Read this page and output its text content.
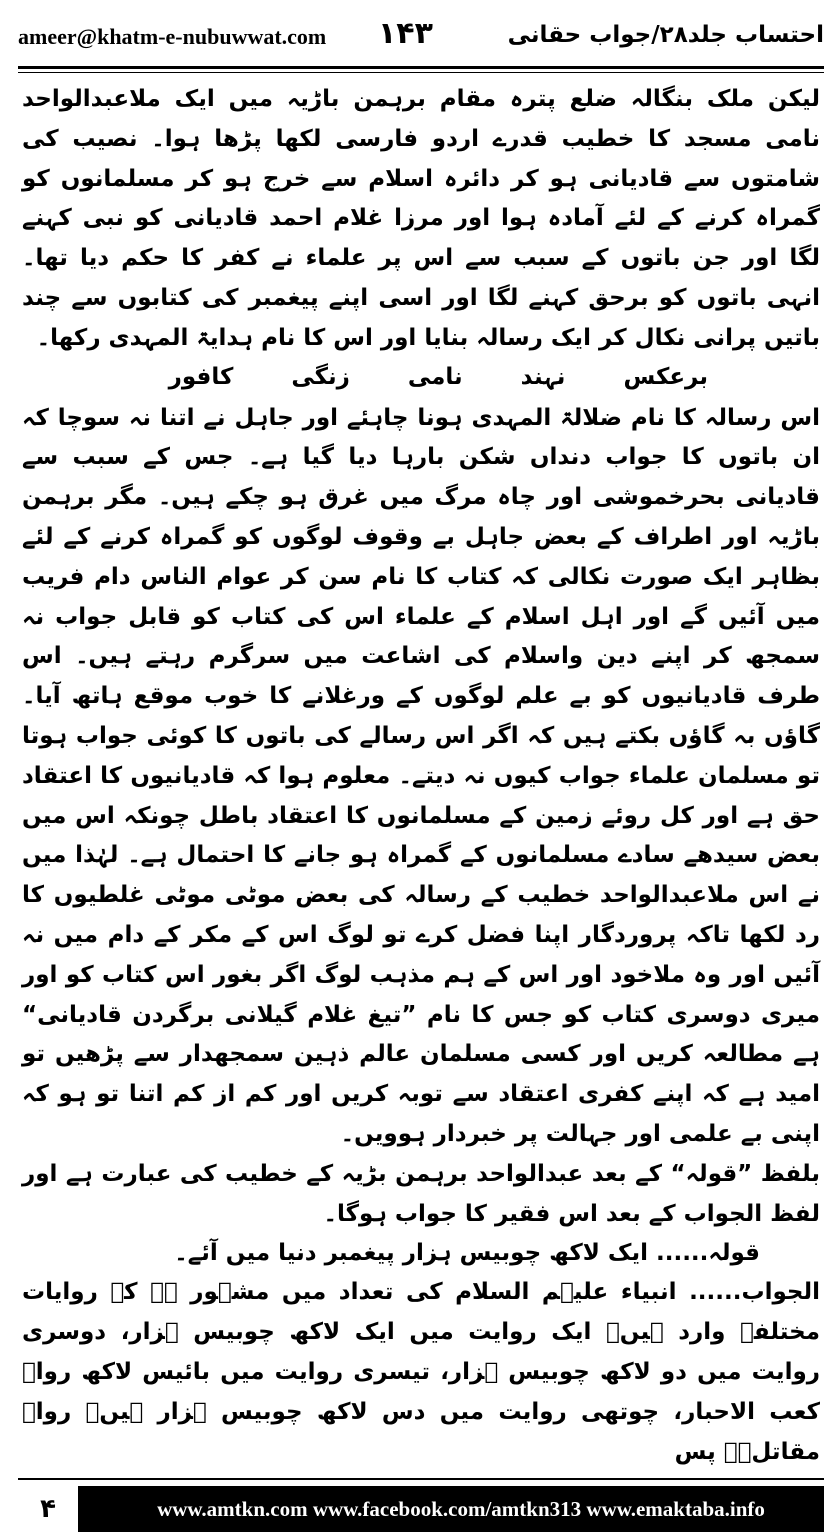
ameer@khatm-e-nubuwwat.com ۱۴۳	احتساب جلد۲۸/جواب حقانی

لیکن ملک بنگالہ ضلع پترہ مقام برہمن باڑیہ میں ایک ملاعبدالواحد نامی مسجد کا خطیب قدرے اردو فارسی لکھا پڑھا ہوا۔ نصیب کی شامتوں سے قادیانی ہو کر دائرہ اسلام سے خرج ہو کر مسلمانوں کو گمراہ کرنے کے لئے آمادہ ہوا اور مرزا غلام احمد قادیانی کو نبی کہنے لگا اور جن باتوں کے سبب سے اس پر علماء نے کفر کا حکم دیا تھا۔ انہی باتوں کو برحق کہنے لگا اور اسی اپنے پیغمبر کی کتابوں سے چند باتیں پرانی نکال کر ایک رسالہ بنایا اور اس کا نام ہدایۃ المہدی رکھا۔

برعکس
نہند
نامی
زنگی
کافور

اس رسالہ کا نام ضلالۃ المہدی ہونا چاہئے اور جاہل نے اتنا نہ سوچا کہ ان باتوں کا جواب دنداں شکن بارہا دیا گیا ہے۔ جس کے سبب سے قادیانی بحرخموشی اور چاہ مرگ میں غرق ہو چکے ہیں۔ مگر برہمن باڑیہ اور اطراف کے بعض جاہل بے وقوف لوگوں کو گمراہ کرنے کے لئے بظاہر ایک صورت نکالی کہ کتاب کا نام سن کر عوام الناس دام فریب میں آئیں گے اور اہل اسلام کے علماء اس کی کتاب کو قابل جواب نہ سمجھ کر اپنے دین واسلام کی اشاعت میں سرگرم رہتے ہیں۔ اس طرف قادیانیوں کو بے علم لوگوں کے ورغلانے کا خوب موقع ہاتھ آیا۔ گاؤں بہ گاؤں بکتے ہیں کہ اگر اس رسالے کی باتوں کا کوئی جواب ہوتا تو مسلمان علماء جواب کیوں نہ دیتے۔ معلوم ہوا کہ قادیانیوں کا اعتقاد حق ہے اور کل روئے زمین کے مسلمانوں کا اعتقاد باطل چونکہ اس میں بعض سیدھے سادے مسلمانوں کے گمراہ ہو جانے کا احتمال ہے۔ لہٰذا میں نے اس ملاعبدالواحد خطیب کے رسالہ کی بعض موٹی موٹی غلطیوں کا رد لکھا تاکہ پروردگار اپنا فضل کرے تو لوگ اس کے مکر کے دام میں نہ آئیں اور وہ ملاخود اور اس کے ہم مذہب لوگ اگر بغور اس کتاب کو اور میری دوسری کتاب کو جس کا نام ”تیغ غلام گیلانی برگردن قادیانی“ ہے مطالعہ کریں اور کسی مسلمان عالم ذہین سمجھدار سے پڑھیں تو امید ہے کہ اپنے کفری اعتقاد سے توبہ کریں اور کم از کم اتنا تو ہو کہ اپنی بے علمی اور جہالت پر خبردار ہوویں۔

بلفظ ”قولہ“ کے بعد عبدالواحد برہمن بڑیہ کے خطیب کی عبارت ہے اور لفظ الجواب کے بعد اس فقیر کا جواب ہوگا۔

قولہ...... ایک لاکھ چوبیس ہزار پیغمبر دنیا میں آئے۔

الجواب...... انبیاء علیہم السلام کی تعداد میں مشہور ہے کہ روایات مختلفہ وارد ہیں۔ ایک روایت میں ایک لاکھ چوبیس ہزار، دوسری روایت میں دو لاکھ چوبیس ہزار، تیسری روایت میں بائیس لاکھ رواہ کعب الاحبار، چوتھی روایت میں دس لاکھ چوبیس ہزار ہیں۔ رواہ مقاتلؒ۔ پس

۴	www.amtkn.com www.facebook.com/amtkn313 www.emaktaba.info
